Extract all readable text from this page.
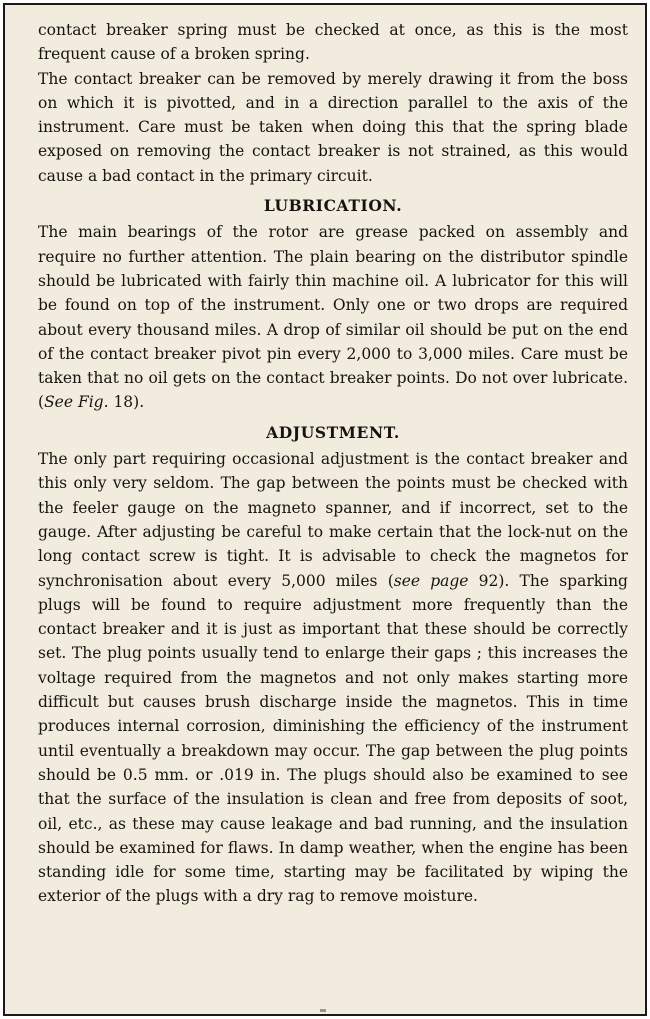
contact breaker spring must be checked at once, as this is the most frequent cause of a broken spring.

The contact breaker can be removed by merely drawing it from the boss on which it is pivotted, and in a direction parallel to the axis of the instrument. Care must be taken when doing this that the spring blade exposed on removing the contact breaker is not strained, as this would cause a bad contact in the primary circuit.

LUBRICATION.

The main bearings of the rotor are grease packed on assembly and require no further attention. The plain bearing on the distributor spindle should be lubricated with fairly thin machine oil. A lubricator for this will be found on top of the instrument. Only one or two drops are required about every thousand miles. A drop of similar oil should be put on the end of the contact breaker pivot pin every 2,000 to 3,000 miles. Care must be taken that no oil gets on the contact breaker points. Do not over lubricate. (See Fig. 18).

ADJUSTMENT.

The only part requiring occasional adjustment is the contact breaker and this only very seldom. The gap between the points must be checked with the feeler gauge on the magneto spanner, and if incorrect, set to the gauge. After adjusting be careful to make certain that the lock-nut on the long contact screw is tight. It is advisable to check the magnetos for synchronisation about every 5,000 miles (see page 92). The sparking plugs will be found to require adjustment more frequently than the contact breaker and it is just as important that these should be correctly set. The plug points usually tend to enlarge their gaps ; this increases the voltage required from the magnetos and not only makes starting more difficult but causes brush discharge inside the magnetos. This in time produces internal corrosion, diminishing the efficiency of the instrument until eventually a breakdown may occur. The gap between the plug points should be 0.5 mm. or .019 in. The plugs should also be examined to see that the surface of the insulation is clean and free from deposits of soot, oil, etc., as these may cause leakage and bad running, and the insulation should be examined for flaws. In damp weather, when the engine has been standing idle for some time, starting may be facilitated by wiping the exterior of the plugs with a dry rag to remove moisture.
